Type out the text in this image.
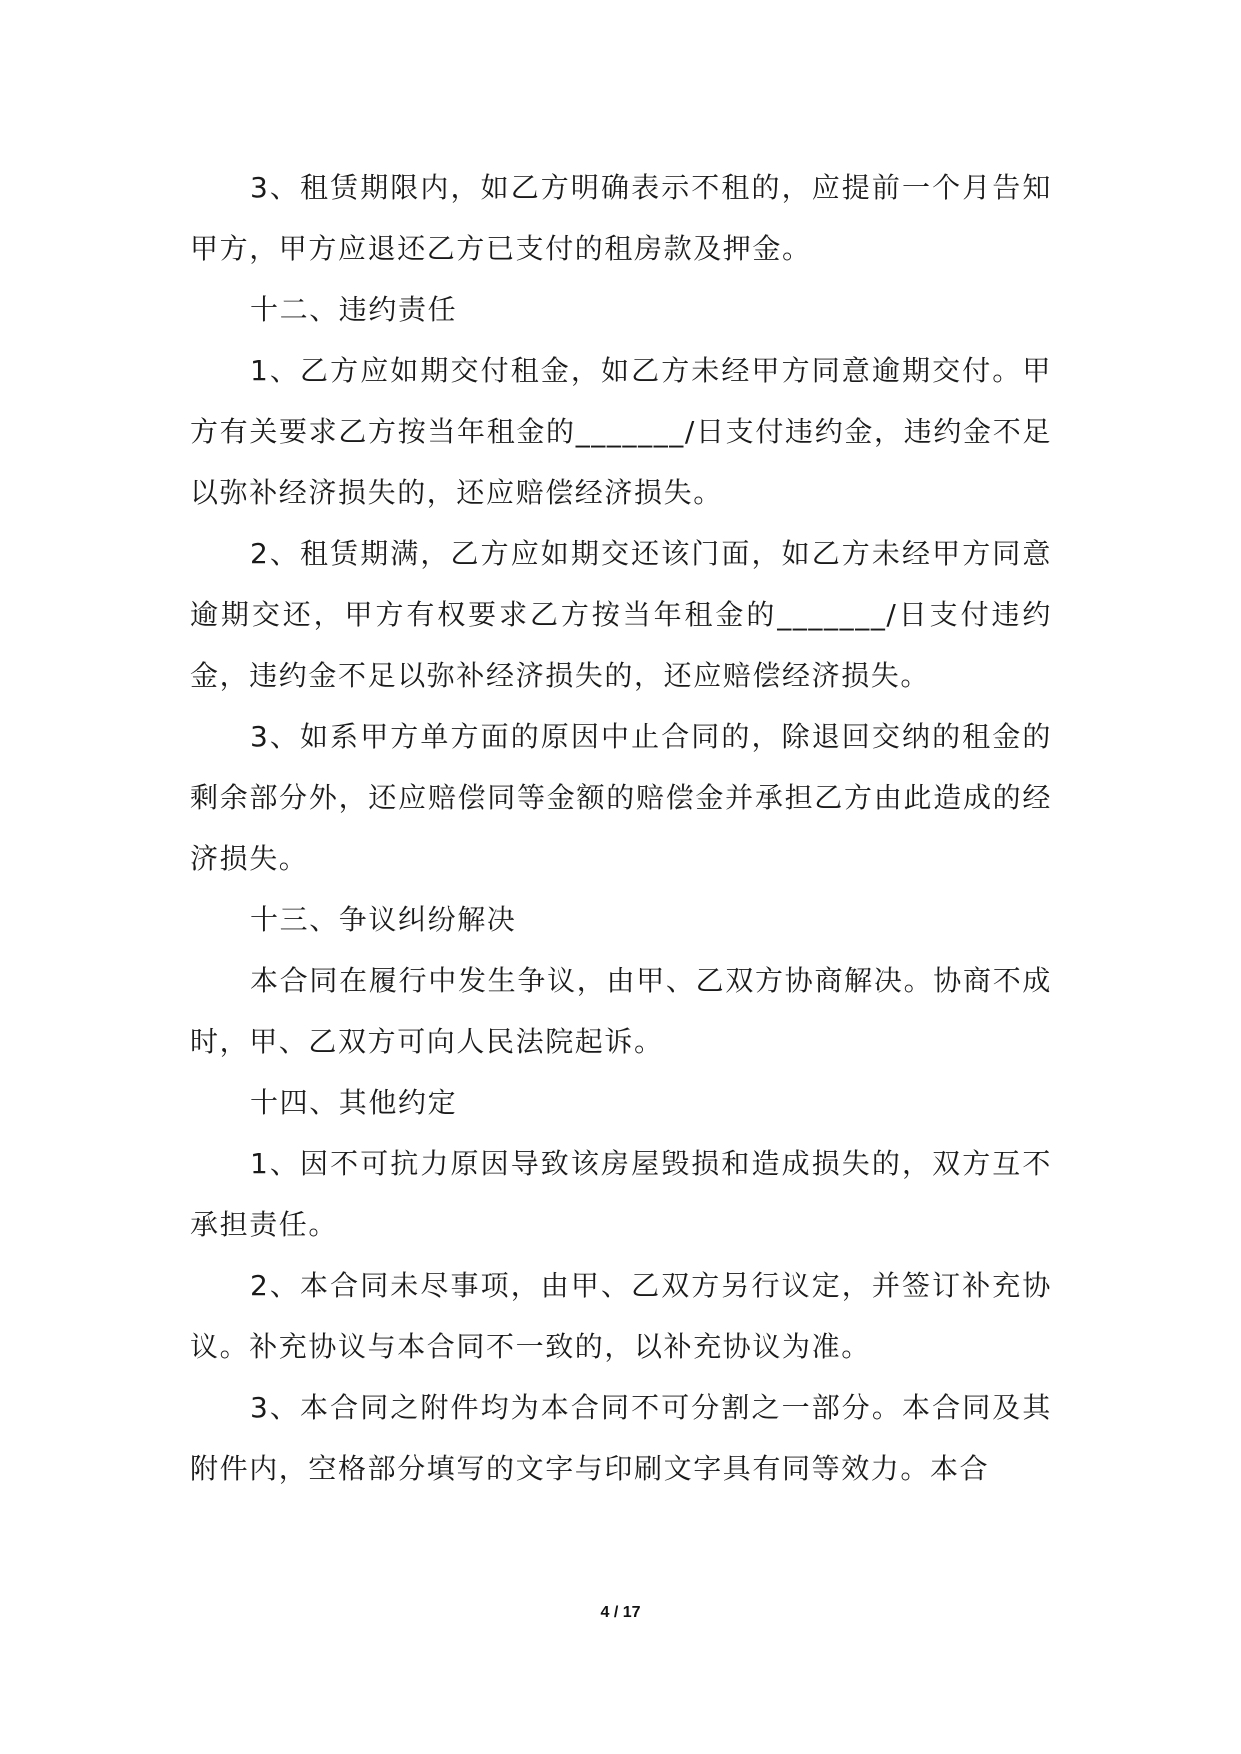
3、租赁期限内，如乙方明确表示不租的，应提前一个月告知甲方，甲方应退还乙方已支付的租房款及押金。

十二、违约责任

1、乙方应如期交付租金，如乙方未经甲方同意逾期交付。甲方有关要求乙方按当年租金的_______/日支付违约金，违约金不足以弥补经济损失的，还应赔偿经济损失。

2、租赁期满，乙方应如期交还该门面，如乙方未经甲方同意逾期交还，甲方有权要求乙方按当年租金的_______/日支付违约金，违约金不足以弥补经济损失的，还应赔偿经济损失。

3、如系甲方单方面的原因中止合同的，除退回交纳的租金的剩余部分外，还应赔偿同等金额的赔偿金并承担乙方由此造成的经济损失。

十三、争议纠纷解决

本合同在履行中发生争议，由甲、乙双方协商解决。协商不成时，甲、乙双方可向人民法院起诉。

十四、其他约定

1、因不可抗力原因导致该房屋毁损和造成损失的，双方互不承担责任。

2、本合同未尽事项，由甲、乙双方另行议定，并签订补充协议。补充协议与本合同不一致的，以补充协议为准。

3、本合同之附件均为本合同不可分割之一部分。本合同及其附件内，空格部分填写的文字与印刷文字具有同等效力。本合

4 / 17
